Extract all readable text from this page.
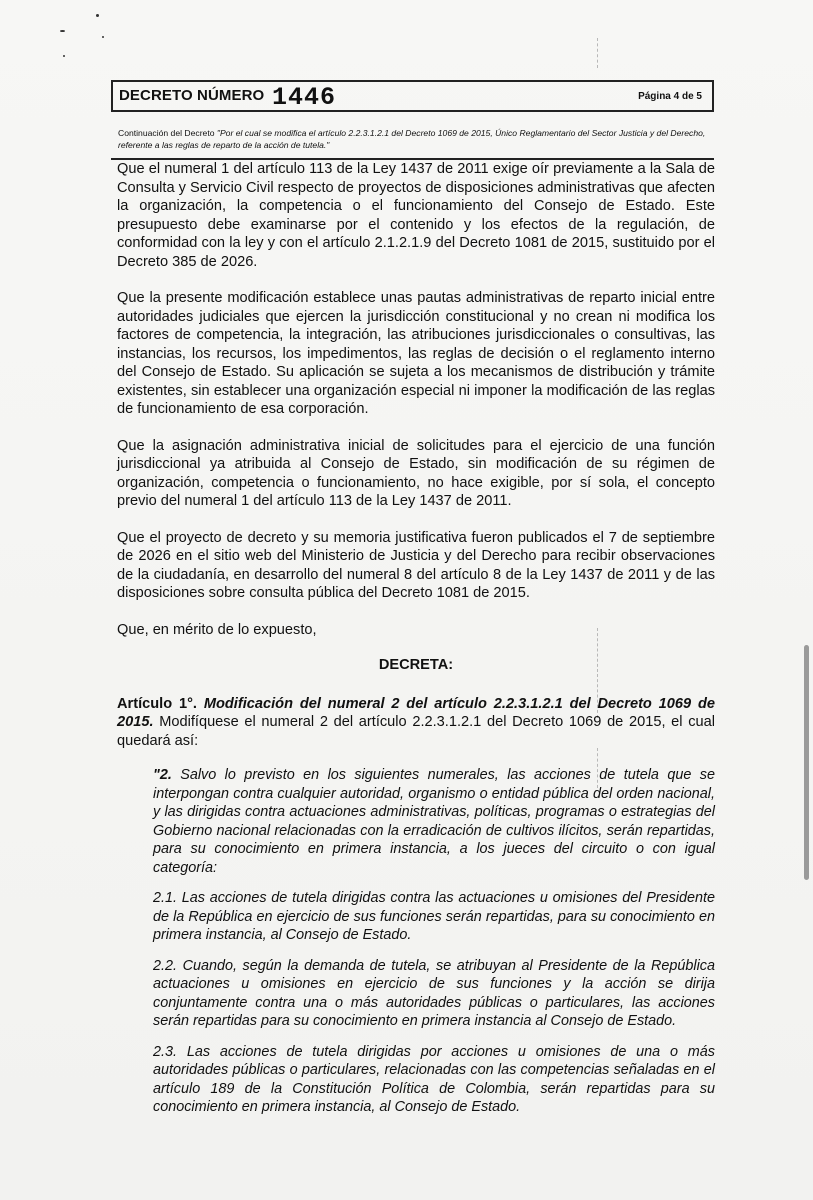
DECRETO NÚMERO 1446	Página 4 de 5
Continuación del Decreto "Por el cual se modifica el artículo 2.2.3.1.2.1 del Decreto 1069 de 2015, Único Reglamentario del Sector Justicia y del Derecho, referente a las reglas de reparto de la acción de tutela."

Que el numeral 1 del artículo 113 de la Ley 1437 de 2011 exige oír previamente a la Sala de Consulta y Servicio Civil respecto de proyectos de disposiciones administrativas que afecten la organización, la competencia o el funcionamiento del Consejo de Estado. Este presupuesto debe examinarse por el contenido y los efectos de la regulación, de conformidad con la ley y con el artículo 2.1.2.1.9 del Decreto 1081 de 2015, sustituido por el Decreto 385 de 2026.

Que la presente modificación establece unas pautas administrativas de reparto inicial entre autoridades judiciales que ejercen la jurisdicción constitucional y no crean ni modifica los factores de competencia, la integración, las atribuciones jurisdiccionales o consultivas, las instancias, los recursos, los impedimentos, las reglas de decisión o el reglamento interno del Consejo de Estado. Su aplicación se sujeta a los mecanismos de distribución y trámite existentes, sin establecer una organización especial ni imponer la modificación de las reglas de funcionamiento de esa corporación.

Que la asignación administrativa inicial de solicitudes para el ejercicio de una función jurisdiccional ya atribuida al Consejo de Estado, sin modificación de su régimen de organización, competencia o funcionamiento, no hace exigible, por sí sola, el concepto previo del numeral 1 del artículo 113 de la Ley 1437 de 2011.

Que el proyecto de decreto y su memoria justificativa fueron publicados el 7 de septiembre de 2026 en el sitio web del Ministerio de Justicia y del Derecho para recibir observaciones de la ciudadanía, en desarrollo del numeral 8 del artículo 8 de la Ley 1437 de 2011 y de las disposiciones sobre consulta pública del Decreto 1081 de 2015.

Que, en mérito de lo expuesto,

DECRETA:

Artículo 1°. Modificación del numeral 2 del artículo 2.2.3.1.2.1 del Decreto 1069 de 2015. Modifíquese el numeral 2 del artículo 2.2.3.1.2.1 del Decreto 1069 de 2015, el cual quedará así:

"2. Salvo lo previsto en los siguientes numerales, las acciones de tutela que se interpongan contra cualquier autoridad, organismo o entidad pública del orden nacional, y las dirigidas contra actuaciones administrativas, políticas, programas o estrategias del Gobierno nacional relacionadas con la erradicación de cultivos ilícitos, serán repartidas, para su conocimiento en primera instancia, a los jueces del circuito o con igual categoría:

2.1. Las acciones de tutela dirigidas contra las actuaciones u omisiones del Presidente de la República en ejercicio de sus funciones serán repartidas, para su conocimiento en primera instancia, al Consejo de Estado.

2.2. Cuando, según la demanda de tutela, se atribuyan al Presidente de la República actuaciones u omisiones en ejercicio de sus funciones y la acción se dirija conjuntamente contra una o más autoridades públicas o particulares, las acciones serán repartidas para su conocimiento en primera instancia al Consejo de Estado.

2.3. Las acciones de tutela dirigidas por acciones u omisiones de una o más autoridades públicas o particulares, relacionadas con las competencias señaladas en el artículo 189 de la Constitución Política de Colombia, serán repartidas para su conocimiento en primera instancia, al Consejo de Estado.
